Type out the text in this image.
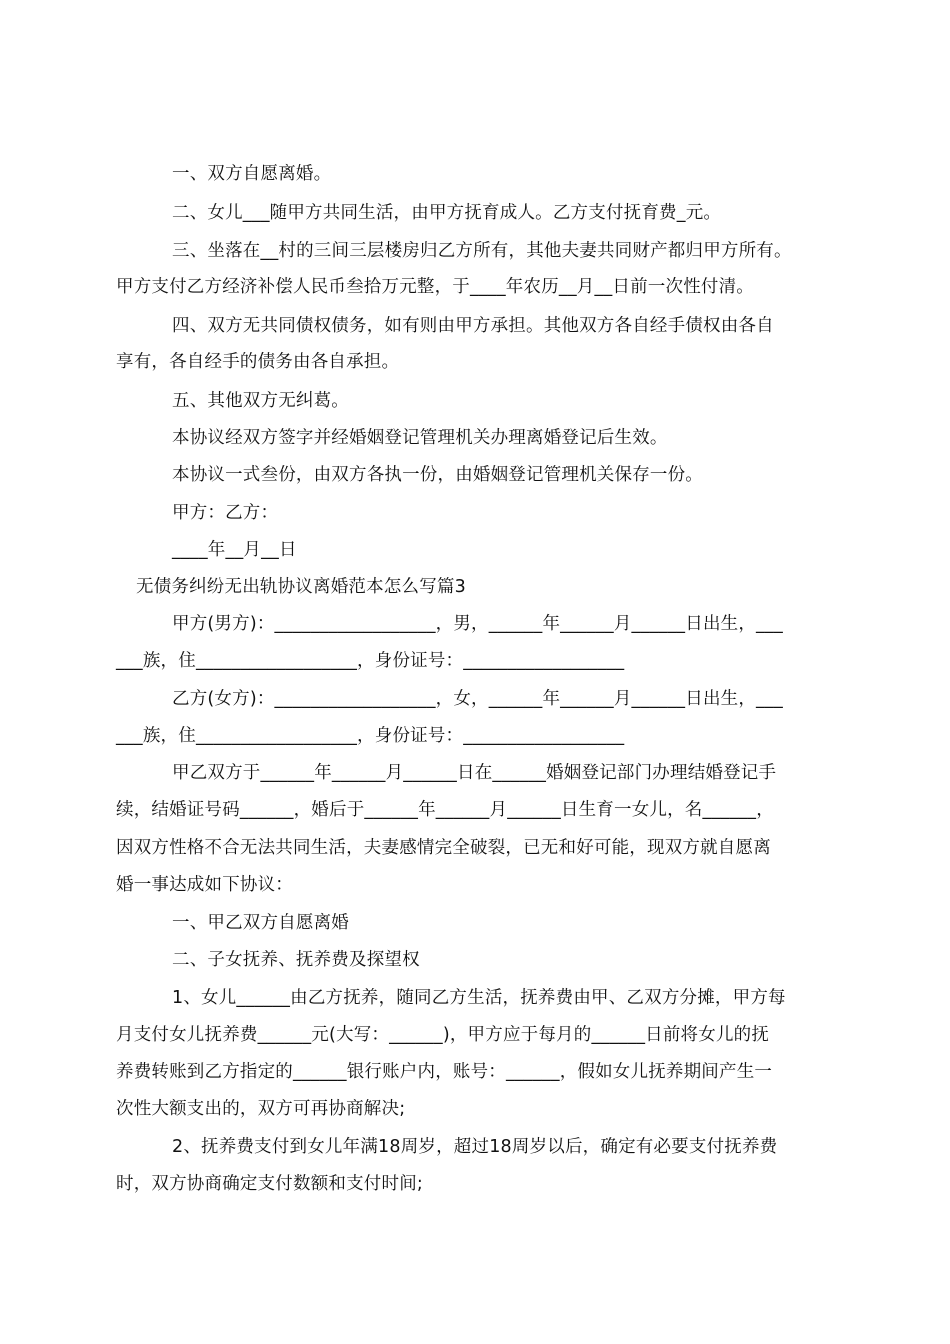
一、双方自愿离婚。
二、女儿___随甲方共同生活，由甲方抚育成人。乙方支付抚育费_元。
三、坐落在__村的三间三层楼房归乙方所有，其他夫妻共同财产都归甲方所有。
甲方支付乙方经济补偿人民币叁拾万元整，于____年农历__月__日前一次性付清。
四、双方无共同债权债务，如有则由甲方承担。其他双方各自经手债权由各自
享有，各自经手的债务由各自承担。
五、其他双方无纠葛。
本协议经双方签字并经婚姻登记管理机关办理离婚登记后生效。
本协议一式叁份，由双方各执一份，由婚姻登记管理机关保存一份。
甲方：乙方：
____年__月__日
无债务纠纷无出轨协议离婚范本怎么写篇3
甲方(男方)：__________________，男，______年______月______日出生，___
___族，住__________________，身份证号：__________________
乙方(女方)：__________________，女，______年______月______日出生，___
___族，住__________________，身份证号：__________________
甲乙双方于______年______月______日在______婚姻登记部门办理结婚登记手
续，结婚证号码______，婚后于______年______月______日生育一女儿，名______，
因双方性格不合无法共同生活，夫妻感情完全破裂，已无和好可能，现双方就自愿离
婚一事达成如下协议：
一、甲乙双方自愿离婚
二、子女抚养、抚养费及探望权
1、女儿______由乙方抚养，随同乙方生活，抚养费由甲、乙双方分摊，甲方每
月支付女儿抚养费______元(大写：______)，甲方应于每月的______日前将女儿的抚
养费转账到乙方指定的______银行账户内，账号：______，假如女儿抚养期间产生一
次性大额支出的，双方可再协商解决;
2、抚养费支付到女儿年满18周岁，超过18周岁以后，确定有必要支付抚养费
时，双方协商确定支付数额和支付时间;
